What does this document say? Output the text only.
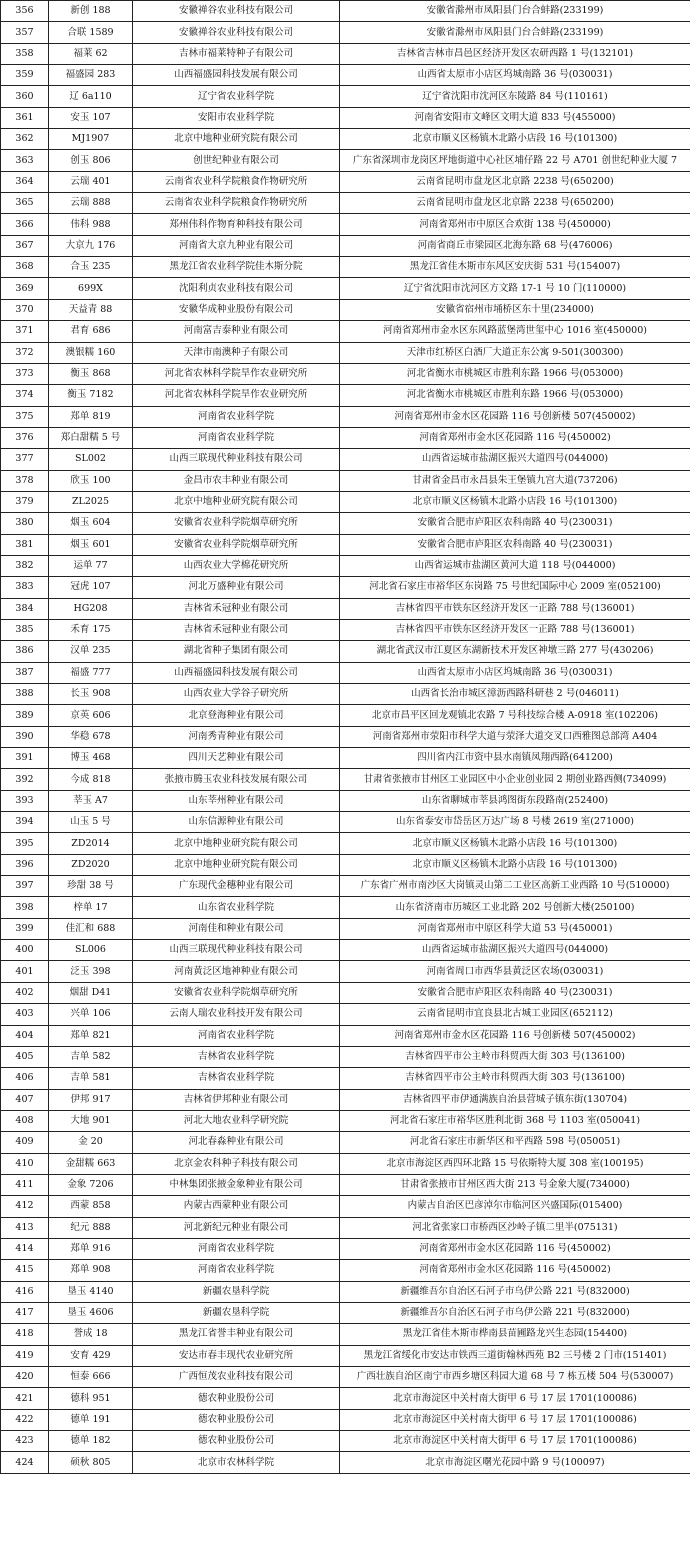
356	新创 188	安徽禅谷农业科技有限公司	安徽省滁州市凤阳县门台合蚌路(233199)
357	合联 1589	安徽禅谷农业科技有限公司	安徽省滁州市凤阳县门台合蚌路(233199)
358	福莱 62	吉林市福莱特种子有限公司	吉林省吉林市昌邑区经济开发区农研西路 1 号(132101)
359	福盛园 283	山西福盛园科技发展有限公司	山西省太原市小店区坞城南路 36 号(030031)
360	辽 6a110	辽宁省农业科学院	辽宁省沈阳市沈河区东陵路 84 号(110161)
361	安玉 107	安阳市农业科学院	河南省安阳市文峰区文明大道 833 号(455000)
362	MJ1907	北京中地种业研究院有限公司	北京市顺义区杨镇木北路小店段 16 号(101300)
363	创玉 806	创世纪种业有限公司	广东省深圳市龙岗区坪地街道中心社区埔仔路 22 号 A701 创世纪种业大厦 7
364	云瑞 401	云南省农业科学院粮食作物研究所	云南省昆明市盘龙区北京路 2238 号(650200)
365	云瑞 888	云南省农业科学院粮食作物研究所	云南省昆明市盘龙区北京路 2238 号(650200)
366	伟科 988	郑州伟科作物育种科技有限公司	河南省郑州市中原区合欢街 138 号(450000)
367	大京九 176	河南省大京九种业有限公司	河南省商丘市梁园区北海东路 68 号(476006)
368	合玉 235	黑龙江省农业科学院佳木斯分院	黑龙江省佳木斯市东风区安庆街 531 号(154007)
369	699X	沈阳利贞农业科技有限公司	辽宁省沈阳市沈河区方文路 17-1 号 10 门(110000)
370	天益青 88	安徽华成种业股份有限公司	安徽省宿州市埇桥区东十里(234000)
371	君育 686	河南富吉泰种业有限公司	河南省郑州市金水区东风路蓝堡湾世玺中心 1016 室(450000)
372	澳银糯 160	天津市南澳种子有限公司	天津市红桥区白酒厂大道正东公寓 9-501(300300)
373	衡玉 868	河北省农林科学院旱作农业研究所	河北省衡水市桃城区市胜利东路 1966 号(053000)
374	衡玉 7182	河北省农林科学院旱作农业研究所	河北省衡水市桃城区市胜利东路 1966 号(053000)
375	郑单 819	河南省农业科学院	河南省郑州市金水区花园路 116 号创新楼 507(450002)
376	郑白甜糯 5 号	河南省农业科学院	河南省郑州市金水区花园路 116 号(450002)
377	SL002	山西三联现代种业科技有限公司	山西省运城市盐湖区振兴大道四号(044000)
378	欣玉 100	金昌市农丰种业有限公司	甘肃省金昌市永昌县朱王堡镇九宫大道(737206)
379	ZL2025	北京中地种业研究院有限公司	北京市顺义区杨镇木北路小店段 16 号(101300)
380	烟玉 604	安徽省农业科学院烟草研究所	安徽省合肥市庐阳区农科南路 40 号(230031)
381	烟玉 601	安徽省农业科学院烟草研究所	安徽省合肥市庐阳区农科南路 40 号(230031)
382	运单 77	山西农业大学棉花研究所	山西省运城市盐湖区黄河大道 118 号(044000)
383	冠虎 107	河北万盛种业有限公司	河北省石家庄市裕华区东岗路 75 号世纪国际中心 2009 室(052100)
384	HG208	吉林省禾冠种业有限公司	吉林省四平市铁东区经济开发区一正路 788 号(136001)
385	禾育 175	吉林省禾冠种业有限公司	吉林省四平市铁东区经济开发区一正路 788 号(136001)
386	汉单 235	湖北省种子集团有限公司	湖北省武汉市江夏区东湖新技术开发区神墩三路 277 号(430206)
387	福盛 777	山西福盛园科技发展有限公司	山西省太原市小店区坞城南路 36 号(030031)
388	长玉 908	山西农业大学谷子研究所	山西省长治市城区漳沥西路科研巷 2 号(046011)
389	京英 606	北京登海种业有限公司	北京市昌平区回龙观镇北农路 7 号科技综合楼 A-0918 室(102206)
390	华稳 678	河南秀青种业有限公司	河南省郑州市荥阳市科学大道与荥泽大道交叉口西雅图总部湾 A404
391	博玉 468	四川天艺种业有限公司	四川省内江市资中县水南镇凤翔西路(641200)
392	今成 818	张掖市腾玉农业科技发展有限公司	甘肃省张掖市甘州区工业园区中小企业创业园 2 期创业路西侧(734099)
393	莘玉 A7	山东莘州种业有限公司	山东省聊城市莘县鸿图街东段路南(252400)
394	山玉 5 号	山东信源种业有限公司	山东省泰安市岱岳区万达广场 8 号楼 2619 室(271000)
395	ZD2014	北京中地种业研究院有限公司	北京市顺义区杨镇木北路小店段 16 号(101300)
396	ZD2020	北京中地种业研究院有限公司	北京市顺义区杨镇木北路小店段 16 号(101300)
397	珍甜 38 号	广东现代金穗种业有限公司	广东省广州市南沙区大岗镇灵山第二工业区高新工业西路 10 号(510000)
398	梓单 17	山东省农业科学院	山东省济南市历城区工业北路 202 号创新大楼(250100)
399	佳汇和 688	河南佳和种业有限公司	河南省郑州市中原区科学大道 53 号(450001)
400	SL006	山西三联现代种业科技有限公司	山西省运城市盐湖区振兴大道四号(044000)
401	泛玉 398	河南黄泛区地神种业有限公司	河南省周口市西华县黄泛区农场(030031)
402	烟甜 D41	安徽省农业科学院烟草研究所	安徽省合肥市庐阳区农科南路 40 号(230031)
403	兴单 106	云南人瑞农业科技开发有限公司	云南省昆明市宜良县北古城工业园区(652112)
404	郑单 821	河南省农业科学院	河南省郑州市金水区花园路 116 号创新楼 507(450002)
405	吉单 582	吉林省农业科学院	吉林省四平市公主岭市科贸西大街 303 号(136100)
406	吉单 581	吉林省农业科学院	吉林省四平市公主岭市科贸西大街 303 号(136100)
407	伊邦 917	吉林省伊邦种业有限公司	吉林省四平市伊通满族自治县营城子镇东街(130704)
408	大地 901	河北大地农业科学研究院	河北省石家庄市裕华区胜利北街 368 号 1103 室(050041)
409	金 20	河北春淼种业有限公司	河北省石家庄市新华区和平西路 598 号(050051)
410	金甜糯 663	北京金农科种子科技有限公司	北京市海淀区西四环北路 15 号依斯特大厦 308 室(100195)
411	金象 7206	中林集团张掖金象种业有限公司	甘肃省张掖市甘州区西大街 213 号金象大厦(734000)
412	西蒙 858	内蒙古西蒙种业有限公司	内蒙古自治区巴彦淖尔市临河区兴盛国际(015400)
413	纪元 888	河北新纪元种业有限公司	河北省张家口市桥西区沙岭子镇二里半(075131)
414	郑单 916	河南省农业科学院	河南省郑州市金水区花园路 116 号(450002)
415	郑单 908	河南省农业科学院	河南省郑州市金水区花园路 116 号(450002)
416	垦玉 4140	新疆农垦科学院	新疆维吾尔自治区石河子市乌伊公路 221 号(832000)
417	垦玉 4606	新疆农垦科学院	新疆维吾尔自治区石河子市乌伊公路 221 号(832000)
418	誉成 18	黑龙江省誉丰种业有限公司	黑龙江省佳木斯市桦南县苗圃路龙兴生态园(154400)
419	安育 429	安达市春丰现代农业研究所	黑龙江省绥化市安达市铁西三道街翰林西苑 B2 三号楼 2 门市(151401)
420	恒泰 666	广西恒茂农业科技有限公司	广西壮族自治区南宁市西乡塘区科园大道 68 号 7 栋五楼 504 号(530007)
421	德科 951	德农种业股份公司	北京市海淀区中关村南大街甲 6 号 17 层 1701(100086)
422	德单 191	德农种业股份公司	北京市海淀区中关村南大街甲 6 号 17 层 1701(100086)
423	德单 182	德农种业股份公司	北京市海淀区中关村南大街甲 6 号 17 层 1701(100086)
424	硕秋 805	北京市农林科学院	北京市海淀区曙光花园中路 9 号(100097)
